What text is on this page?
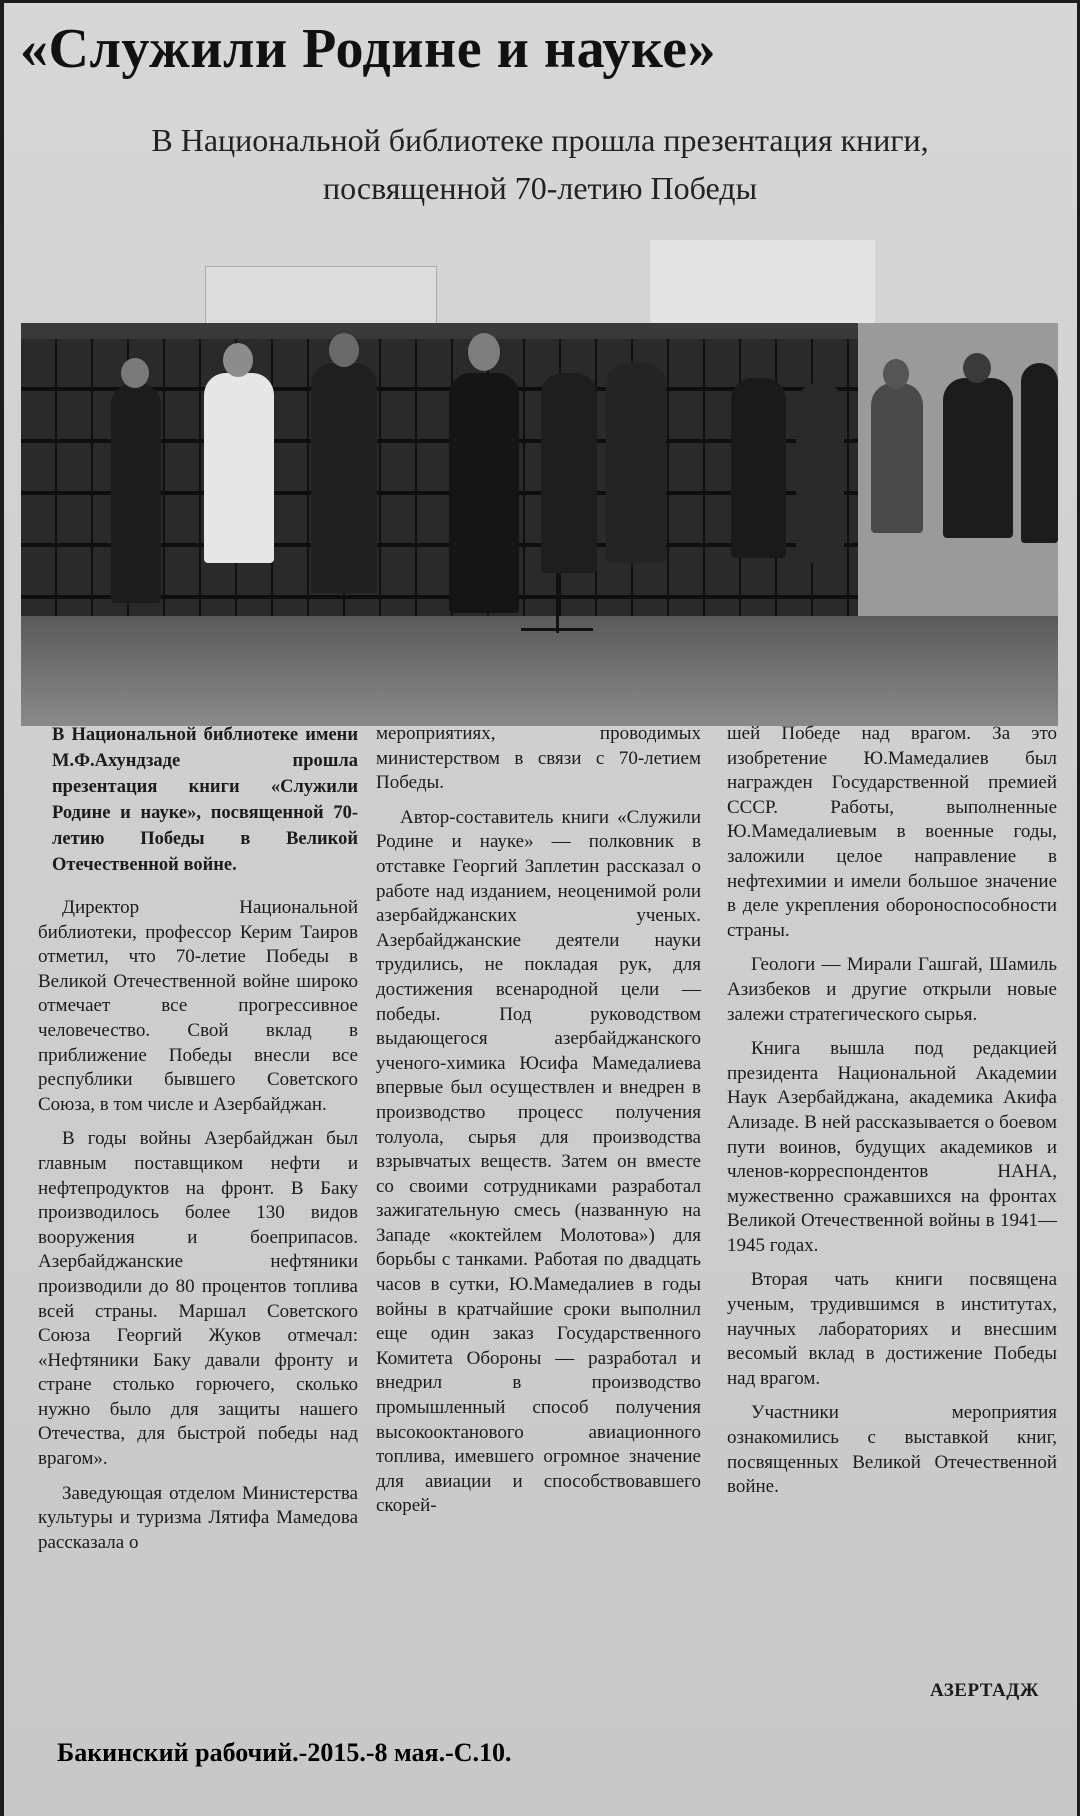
«Служили Родине и науке»
В Национальной библиотеке прошла презентация книги,
посвященной 70-летию Победы
В Национальной библиотеке имени М.Ф.Ахундзаде прошла презентация книги «Служили Родине и науке», посвященной 70-летию Победы в Великой Отечественной войне.
Директор Национальной библиотеки, профессор Керим Таиров отметил, что 70-летие Победы в Великой Отечественной войне широко отмечает все прогрессивное человечество. Свой вклад в приближение Победы внесли все республики бывшего Советского Союза, в том числе и Азербайджан.
В годы войны Азербайджан был главным поставщиком нефти и нефтепродуктов на фронт. В Баку производилось более 130 видов вооружения и боеприпасов. Азербайджанские нефтяники производили до 80 процентов топлива всей страны. Маршал Советского Союза Георгий Жуков отмечал: «Нефтяники Баку давали фронту и стране столько горючего, сколько нужно было для защиты нашего Отечества, для быстрой победы над врагом».
Заведующая отделом Министерства культуры и туризма Лятифа Мамедова рассказала о
мероприятиях, проводимых министерством в связи с 70-летием Победы.
Автор-составитель книги «Служили Родине и науке» — полковник в отставке Георгий Заплетин рассказал о работе над изданием, неоценимой роли азербайджанских ученых. Азербайджанские деятели науки трудились, не покладая рук, для достижения всенародной цели — победы. Под руководством выдающегося азербайджанского ученого-химика Юсифа Мамедалиева впервые был осуществлен и внедрен в производство процесс получения толуола, сырья для производства взрывчатых веществ. Затем он вместе со своими сотрудниками разработал зажигательную смесь (названную на Западе «коктейлем Молотова») для борьбы с танками. Работая по двадцать часов в сутки, Ю.Мамедалиев в годы войны в кратчайшие сроки выполнил еще один заказ Государственного Комитета Обороны — разработал и внедрил в производство промышленный способ получения высокооктанового авиационного топлива, имевшего огромное значение для авиации и способствовавшего скорей-
шей Победе над врагом. За это изобретение Ю.Мамедалиев был награжден Государственной премией СССР. Работы, выполненные Ю.Мамедалиевым в военные годы, заложили целое направление в нефтехимии и имели большое значение в деле укрепления обороноспособности страны.
Геологи — Мирали Гашгай, Шамиль Азизбеков и другие открыли новые залежи стратегического сырья.
Книга вышла под редакцией президента Национальной Академии Наук Азербайджана, академика Акифа Ализаде. В ней рассказывается о боевом пути воинов, будущих академиков и членов-корреспондентов НАНА, мужественно сражавшихся на фронтах Великой Отечественной войны в 1941—1945 годах.
Вторая чать книги посвящена ученым, трудившимся в институтах, научных лабораториях и внесшим весомый вклад в достижение Победы над врагом.
Участники мероприятия ознакомились с выставкой книг, посвященных Великой Отечественной войне.
АЗЕРТАДЖ
Бакинский рабочий.-2015.-8 мая.-С.10.
